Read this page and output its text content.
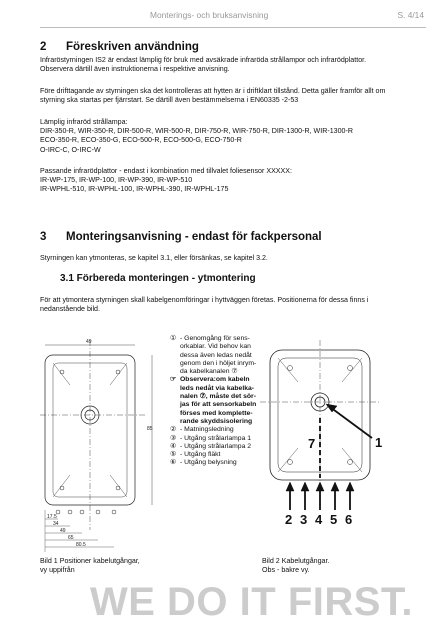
Monterings- och bruksanvisning	S. 4/14
2 Föreskriven användning
Infraröstyrningen IS2 är endast lämplig för bruk med avsäkrade infraröda strållampor och infrarödplattor.
Observera därtill även instruktionerna i respektive anvisning.
Före drifttagande av styrningen ska det kontrolleras att hytten är i driftklart tillstånd. Detta gäller framför allt om
styrning ska startas per fjärrstart. Se därtill även bestämmelserna i EN60335 -2-53
Lämplig infraröd strållampa:
DIR-350-R, WIR-350-R, DIR-500-R, WIR-500-R, DIR-750-R, WIR-750-R, DIR-1300-R, WIR-1300-R
ECO-350-R, ECO-350-G, ECO-500-R, ECO-500-G, ECO-750-R
O-IRC-C, O-IRC-W
Passande infrarödplattor - endast i kombination med tillvalet foliesensor XXXXX:
IR-WP-175, IR-WP-100, IR-WP-390, IR-WP-510
IR-WPHL-510, IR-WPHL-100, IR-WPHL-390, IR-WPHL-175
3 Monteringsanvisning - endast för fackpersonal
Styrningen kan ytmonteras, se kapitel 3.1, eller försänkas, se kapitel 3.2.
3.1 Förbereda monteringen - ytmontering
För att ytmontera styrningen skall kabelgenomföringar i hyttväggen företas. Positionerna för dessa finns i
nedanstående bild.
49
85
17.5
34
49
65
80.5
① - Genomgång för sens-
orkablar. Vid behov kan
dessa även ledas nedåt
genom den i höljet inrym-
da kabelkanalen ⑦
☞ Observera:om kabeln
leds nedåt via kabelka-
nalen ⑦, måste det sör-
jas för att sensorkabeln
förses med komplette-
rande skyddsisolering
② - Matningsledning
③ - Utgång strålarlampa 1
④ - Utgång strålarlampa 2
⑤ - Utgång fläkt
⑥ - Utgång belysning
1
7
2 3 4 5 6
Bild 1 Positioner kabelutgångar,
vy uppifrån
Bild 2 Kabelutgångar.
Obs - bakre vy.
WE DO IT FIRST.
